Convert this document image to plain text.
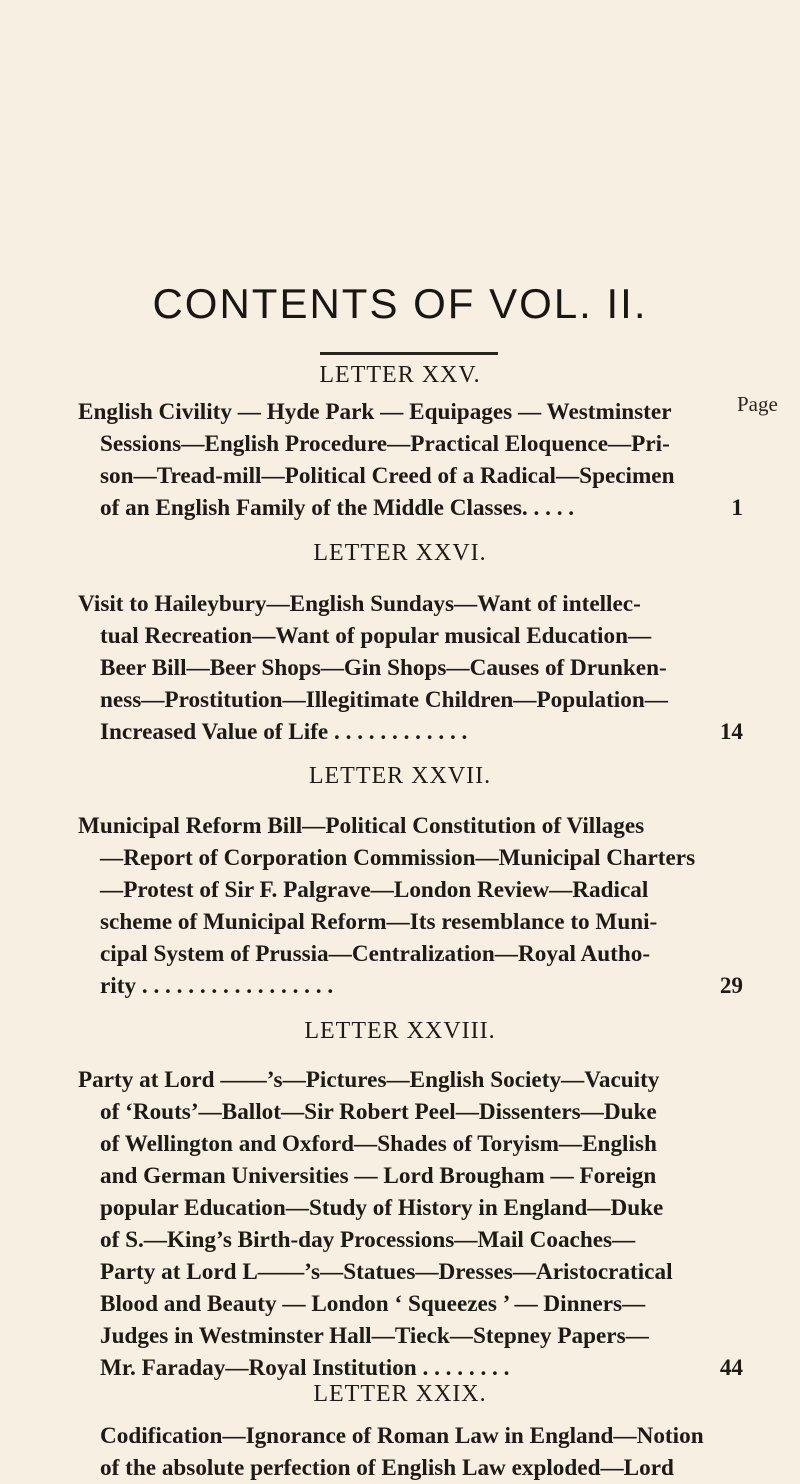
CONTENTS OF VOL. II.
LETTER XXV.
Page
English Civility — Hyde Park — Equipages — Westminster
Sessions—English Procedure—Practical Eloquence—Pri-
son—Tread-mill—Political Creed of a Radical—Specimen
of an English Family of the Middle Classes. . . . .	1
LETTER XXVI.
Visit to Haileybury—English Sundays—Want of intellec-
tual Recreation—Want of popular musical Education—
Beer Bill—Beer Shops—Gin Shops—Causes of Drunken-
ness—Prostitution—Illegitimate Children—Population—
Increased Value of Life . . . . . . . . . . . .	14
LETTER XXVII.
Municipal Reform Bill—Political Constitution of Villages
—Report of Corporation Commission—Municipal Charters
—Protest of Sir F. Palgrave—London Review—Radical
scheme of Municipal Reform—Its resemblance to Muni-
cipal System of Prussia—Centralization—Royal Autho-
rity . . . . . . . . . . . . . . . . .	29
LETTER XXVIII.
Party at Lord ——’s—Pictures—English Society—Vacuity
of ‘Routs’—Ballot—Sir Robert Peel—Dissenters—Duke
of Wellington and Oxford—Shades of Toryism—English
and German Universities — Lord Brougham — Foreign
popular Education—Study of History in England—Duke
of S.—King’s Birth-day Processions—Mail Coaches—
Party at Lord L——’s—Statues—Dresses—Aristocratical
Blood and Beauty — London ‘ Squeezes ’ — Dinners—
Judges in Westminster Hall—Tieck—Stepney Papers—
Mr. Faraday—Royal Institution . . . . . . . .	44
LETTER XXIX.
Codification—Ignorance of Roman Law in England—Notion
of the absolute perfection of English Law exploded—Lord
